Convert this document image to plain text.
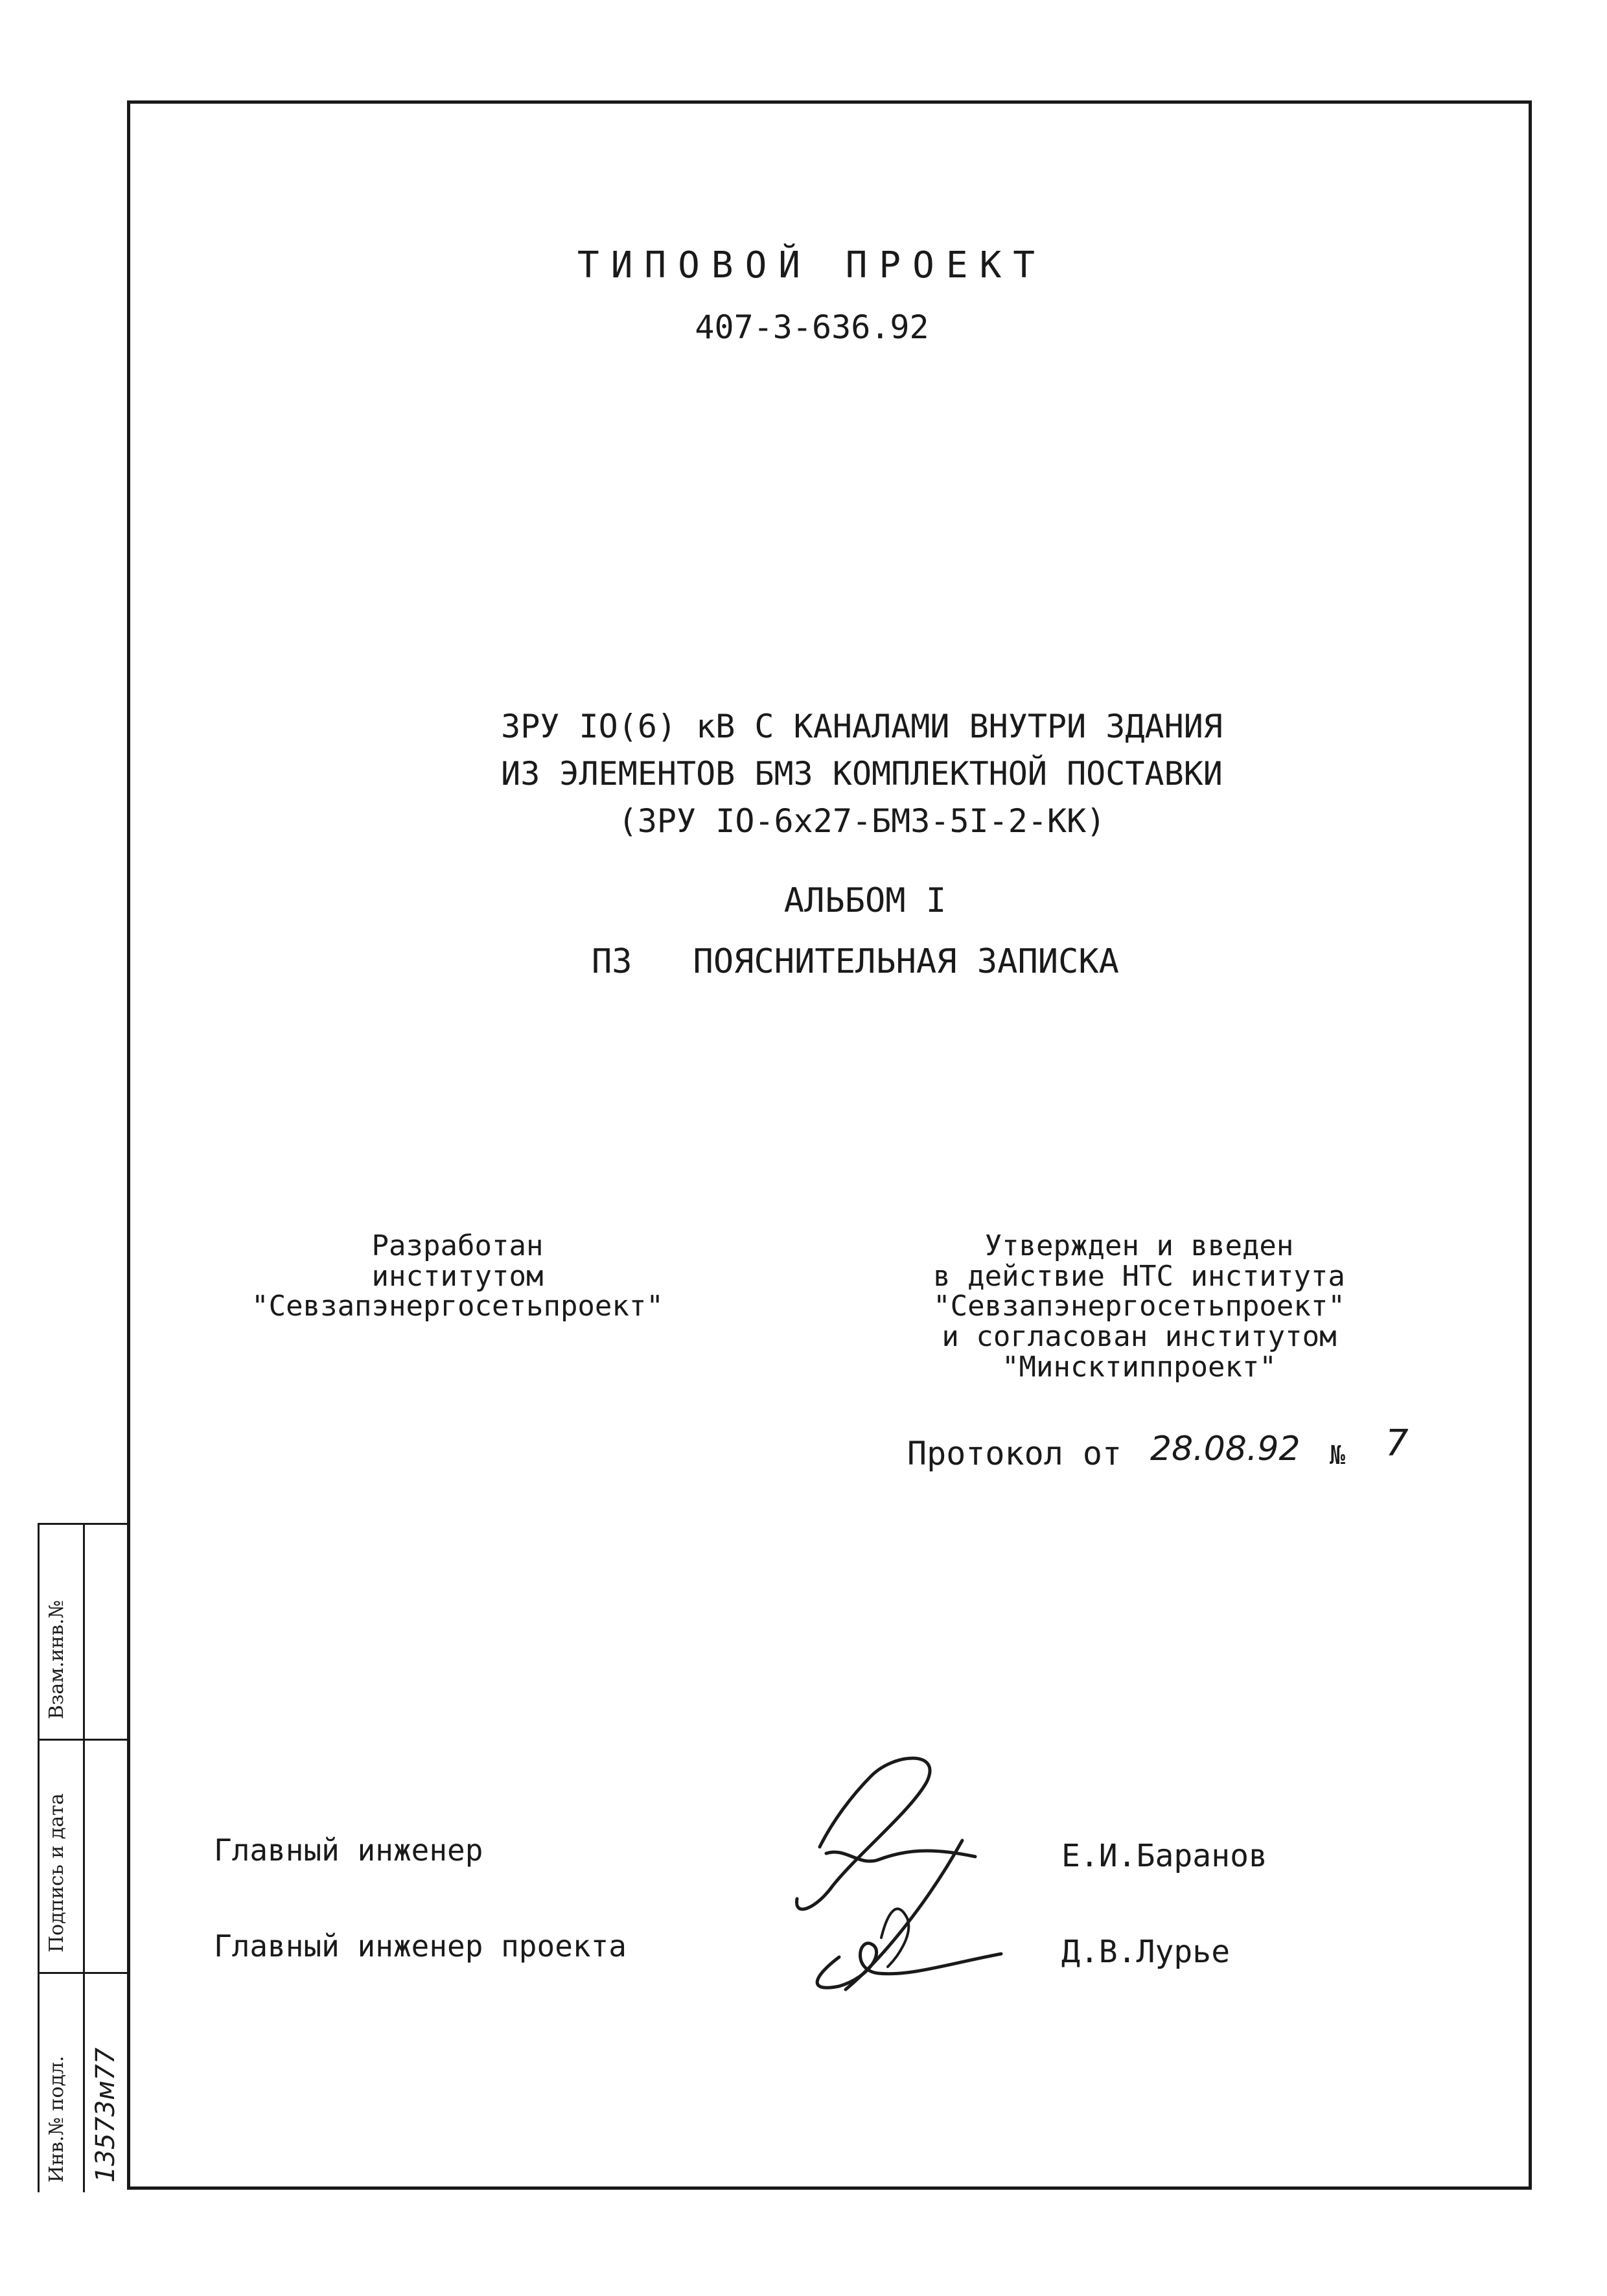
ТИПОВОЙ ПРОЕКТ
407-3-636.92
ЗРУ IO(6) кВ С КАНАЛАМИ ВНУТРИ ЗДАНИЯ
ИЗ ЭЛЕМЕНТОВ БМЗ КОМПЛЕКТНОЙ ПОСТАВКИ
(ЗРУ IO-6x27-БМЗ-5I-2-КК)
АЛЬБОМ I
ПЗ ПОЯСНИТЕЛЬНАЯ ЗАПИСКА
Разработан
институтом
"Севзапэнергосетьпроект"
Утвержден и введен
в действие НТС института
"Севзапэнергосетьпроект"
и согласован институтом
"Минсктиппроект"
Протокол от 28.08.92 № 7
Главный инженер	Е.И.Баранов
Главный инженер проекта	Д.В.Лурье
Взам.инв.№
Подпись и дата
Инв.№ подл. 13573м77
